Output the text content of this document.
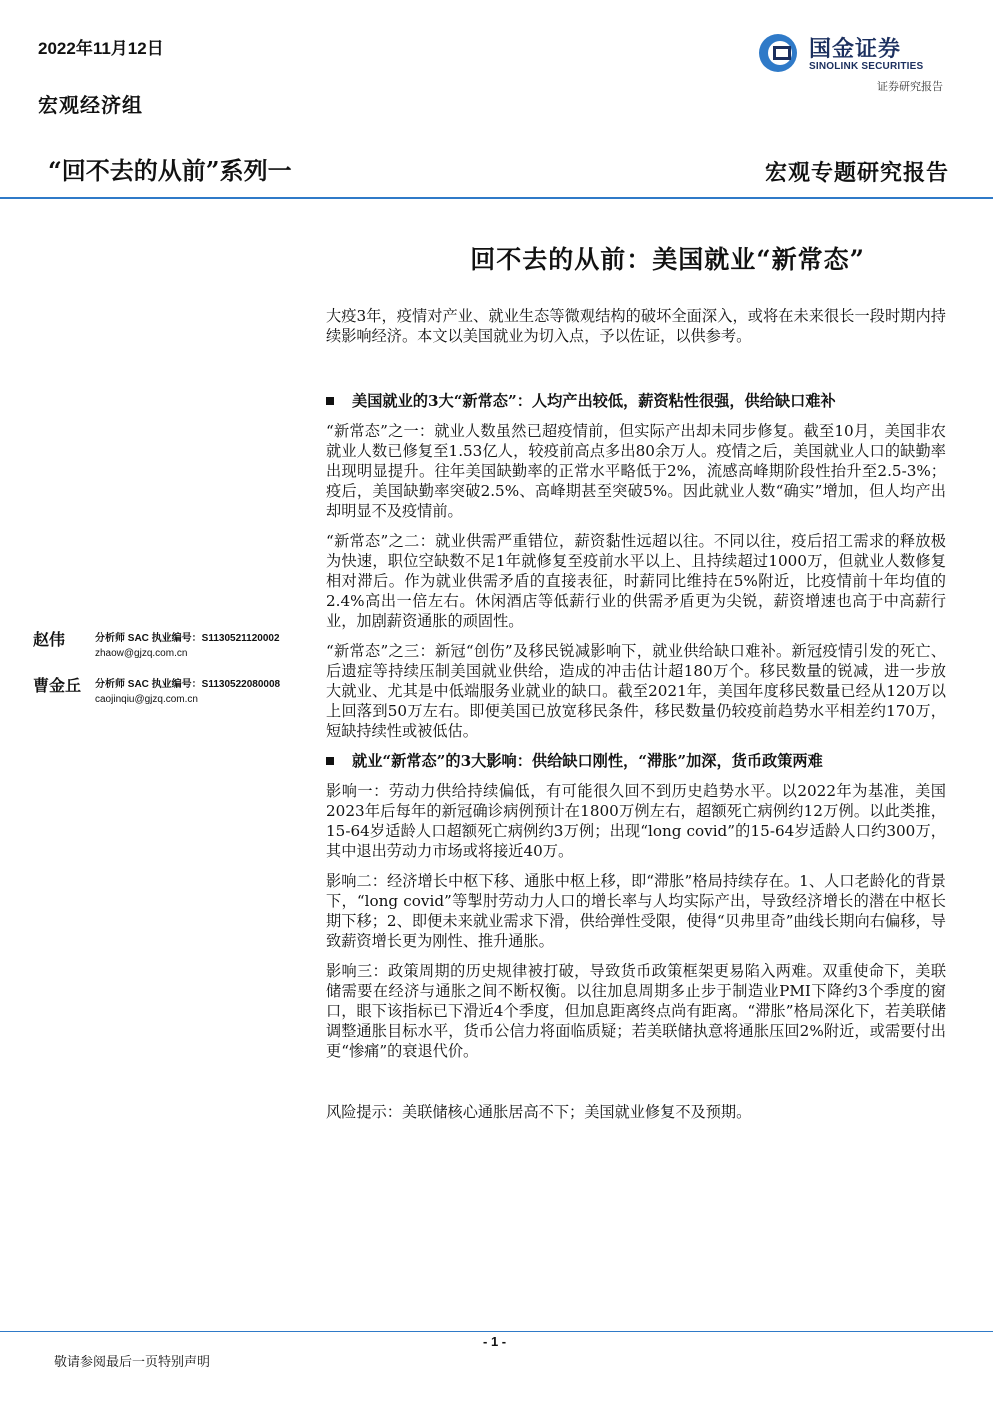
2022年11月12日
宏观经济组
“回不去的从前”系列一	宏观专题研究报告
国金证券
SINOLINK SECURITIES
证券研究报告
回不去的从前：美国就业“新常态”

大疫3年，疫情对产业、就业生态等微观结构的破坏全面深入，或将在未来很长一段时期内持续影响经济。本文以美国就业为切入点，予以佐证，以供参考。

美国就业的3大“新常态”：人均产出较低，薪资粘性很强，供给缺口难补

“新常态”之一：就业人数虽然已超疫情前，但实际产出却未同步修复。截至10月，美国非农就业人数已修复至1.53亿人，较疫前高点多出80余万人。疫情之后，美国就业人口的缺勤率出现明显提升。往年美国缺勤率的正常水平略低于2%，流感高峰期阶段性抬升至2.5-3%；疫后，美国缺勤率突破2.5%、高峰期甚至突破5%。因此就业人数“确实”增加，但人均产出却明显不及疫情前。

“新常态”之二：就业供需严重错位，薪资黏性远超以往。不同以往，疫后招工需求的释放极为快速，职位空缺数不足1年就修复至疫前水平以上、且持续超过1000万，但就业人数修复相对滞后。作为就业供需矛盾的直接表征，时薪同比维持在5%附近，比疫情前十年均值的2.4%高出一倍左右。休闲酒店等低薪行业的供需矛盾更为尖锐，薪资增速也高于中高薪行业，加剧薪资通胀的顽固性。

“新常态”之三：新冠“创伤”及移民锐减影响下，就业供给缺口难补。新冠疫情引发的死亡、后遗症等持续压制美国就业供给，造成的冲击估计超180万个。移民数量的锐减，进一步放大就业、尤其是中低端服务业就业的缺口。截至2021年，美国年度移民数量已经从120万以上回落到50万左右。即便美国已放宽移民条件，移民数量仍较疫前趋势水平相差约170万，短缺持续性或被低估。

就业“新常态”的3大影响：供给缺口刚性，“滞胀”加深，货币政策两难

影响一：劳动力供给持续偏低，有可能很久回不到历史趋势水平。以2022年为基准，美国2023年后每年的新冠确诊病例预计在1800万例左右，超额死亡病例约12万例。以此类推，15-64岁适龄人口超额死亡病例约3万例；出现“long covid”的15-64岁适龄人口约300万，其中退出劳动力市场或将接近40万。

影响二：经济增长中枢下移、通胀中枢上移，即“滞胀”格局持续存在。1、人口老龄化的背景下，“long covid”等掣肘劳动力人口的增长率与人均实际产出，导致经济增长的潜在中枢长期下移；2、即便未来就业需求下滑，供给弹性受限，使得“贝弗里奇”曲线长期向右偏移，导致薪资增长更为刚性、推升通胀。

影响三：政策周期的历史规律被打破，导致货币政策框架更易陷入两难。双重使命下，美联储需要在经济与通胀之间不断权衡。以往加息周期多止步于制造业PMI下降约3个季度的窗口，眼下该指标已下滑近4个季度，但加息距离终点尚有距离。“滞胀”格局深化下，若美联储调整通胀目标水平，货币公信力将面临质疑；若美联储执意将通胀压回2%附近，或需要付出更“惨痛”的衰退代价。

风险提示：美联储核心通胀居高不下；美国就业修复不及预期。
赵伟	分析师 SAC 执业编号：S1130521120002
zhaow@gjzq.com.cn
曹金丘 分析师 SAC 执业编号：S1130522080008
caojinqiu@gjzq.com.cn
- 1 -
敬请参阅最后一页特别声明
